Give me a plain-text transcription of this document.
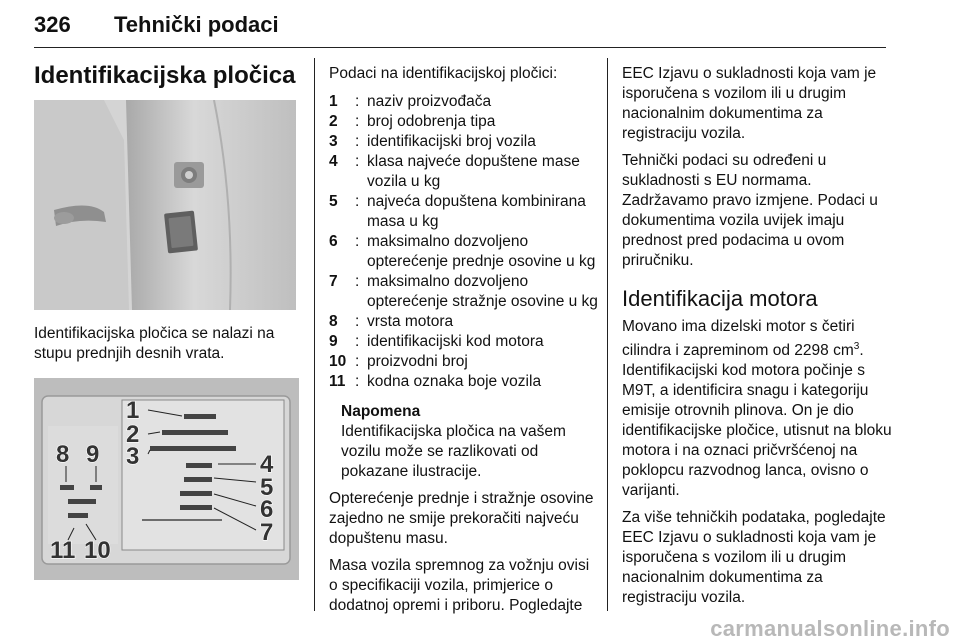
326 Tehnički podaci
Identifikacijska pločica

Identifikacijska pločica se nalazi na stupu prednjih desnih vrata.

1
2
3	4
5
6
7
8 9
10
11

Podaci na identifikacijskoj pločici:

1	: naziv proizvođača
2	: broj odobrenja tipa
3	: identifikacijski broj vozila
4	: klasa najveće dopuštene mase vozila u kg
5	: najveća dopuštena kombinirana masa u kg
6	: maksimalno dozvoljeno opterećenje prednje osovine u kg
7	: maksimalno dozvoljeno opterećenje stražnje osovine u kg
8	: vrsta motora
9	: identifikacijski kod motora
10 : proizvodni broj
11 : kodna oznaka boje vozila
Napomena

Identifikacijska pločica na vašem vozilu može se razlikovati od pokazane ilustracije.

Opterećenje prednje i stražnje osovine zajedno ne smije prekoračiti najveću dopuštenu masu.

Masa vozila spremnog za vožnju ovisi o specifikaciji vozila, primjerice o dodatnoj opremi i priboru. Pogledajte

EEC Izjavu o sukladnosti koja vam je isporučena s vozilom ili u drugim nacionalnim dokumentima za registraciju vozila.

Tehnički podaci su određeni u sukladnosti s EU normama. Zadržavamo pravo izmjene. Podaci u dokumentima vozila uvijek imaju prednost pred podacima u ovom priručniku.

Identifikacija motora

Movano ima dizelski motor s četiri cilindra i zapreminom od 2298 $cm^3$. Identifikacijski kod motora počinje s M9T, a identificira snagu i kategoriju emisije otrovnih plinova. On je dio identifikacijske pločice, utisnut na bloku motora i na oznaci pričvršćenoj na poklopcu razvodnog lanca, ovisno o varijanti.

Za više tehničkih podataka, pogledajte EEC Izjavu o sukladnosti koja vam je isporučena s vozilom ili u drugim nacionalnim dokumentima za registraciju vozila.

carmanualsonline.info
